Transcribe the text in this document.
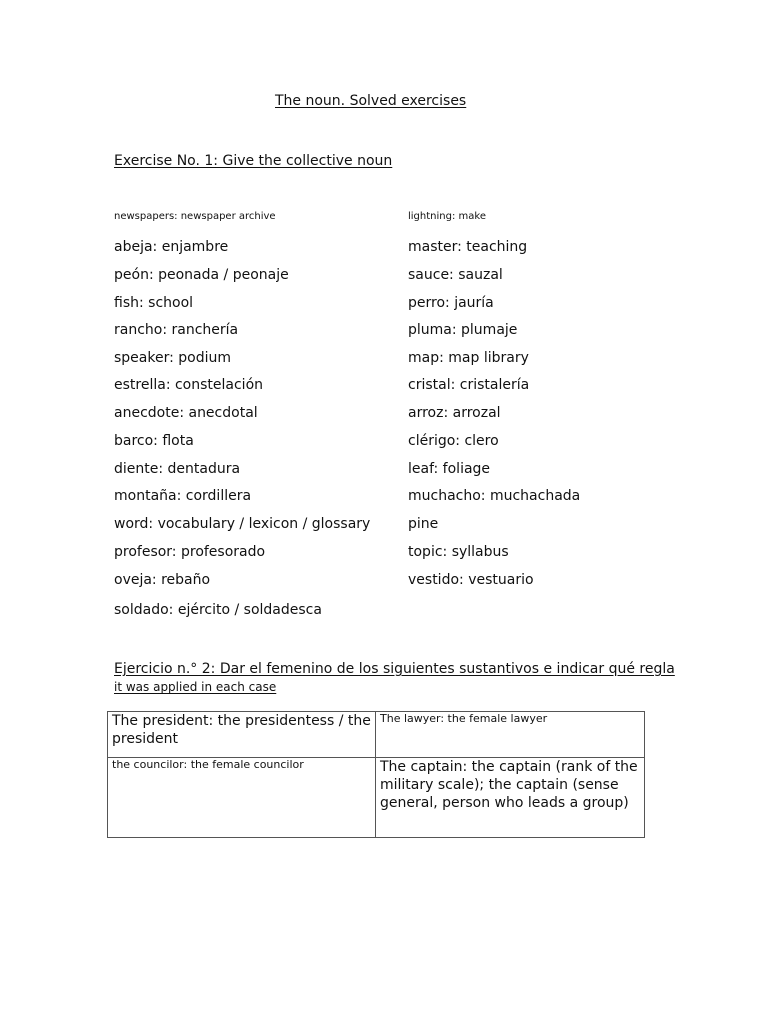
The noun. Solved exercises
Exercise No. 1: Give the collective noun
newspapers: newspaper archive	lightning: make
abeja: enjambre
peón: peonada / peonaje
fish: school
rancho: ranchería
speaker: podium
estrella: constelación
anecdote: anecdotal
barco: flota
diente: dentadura
montaña: cordillera
word: vocabulary / lexicon / glossary
profesor: profesorado
oveja: rebaño
soldado: ejército / soldadesca
master: teaching
sauce: sauzal
perro: jauría
pluma: plumaje
map: map library
cristal: cristalería
arroz: arrozal
clérigo: clero
leaf: foliage
muchacho: muchachada
pine
topic: syllabus
vestido: vestuario
Ejercicio n.° 2: Dar el femenino de los siguientes sustantivos e indicar qué regla
it was applied in each case
The president: the presidentess / the president	The lawyer: the female lawyer

the councilor: the female councilor	The captain: the captain (rank of the military scale); the captain (sense general, person who leads a group)
